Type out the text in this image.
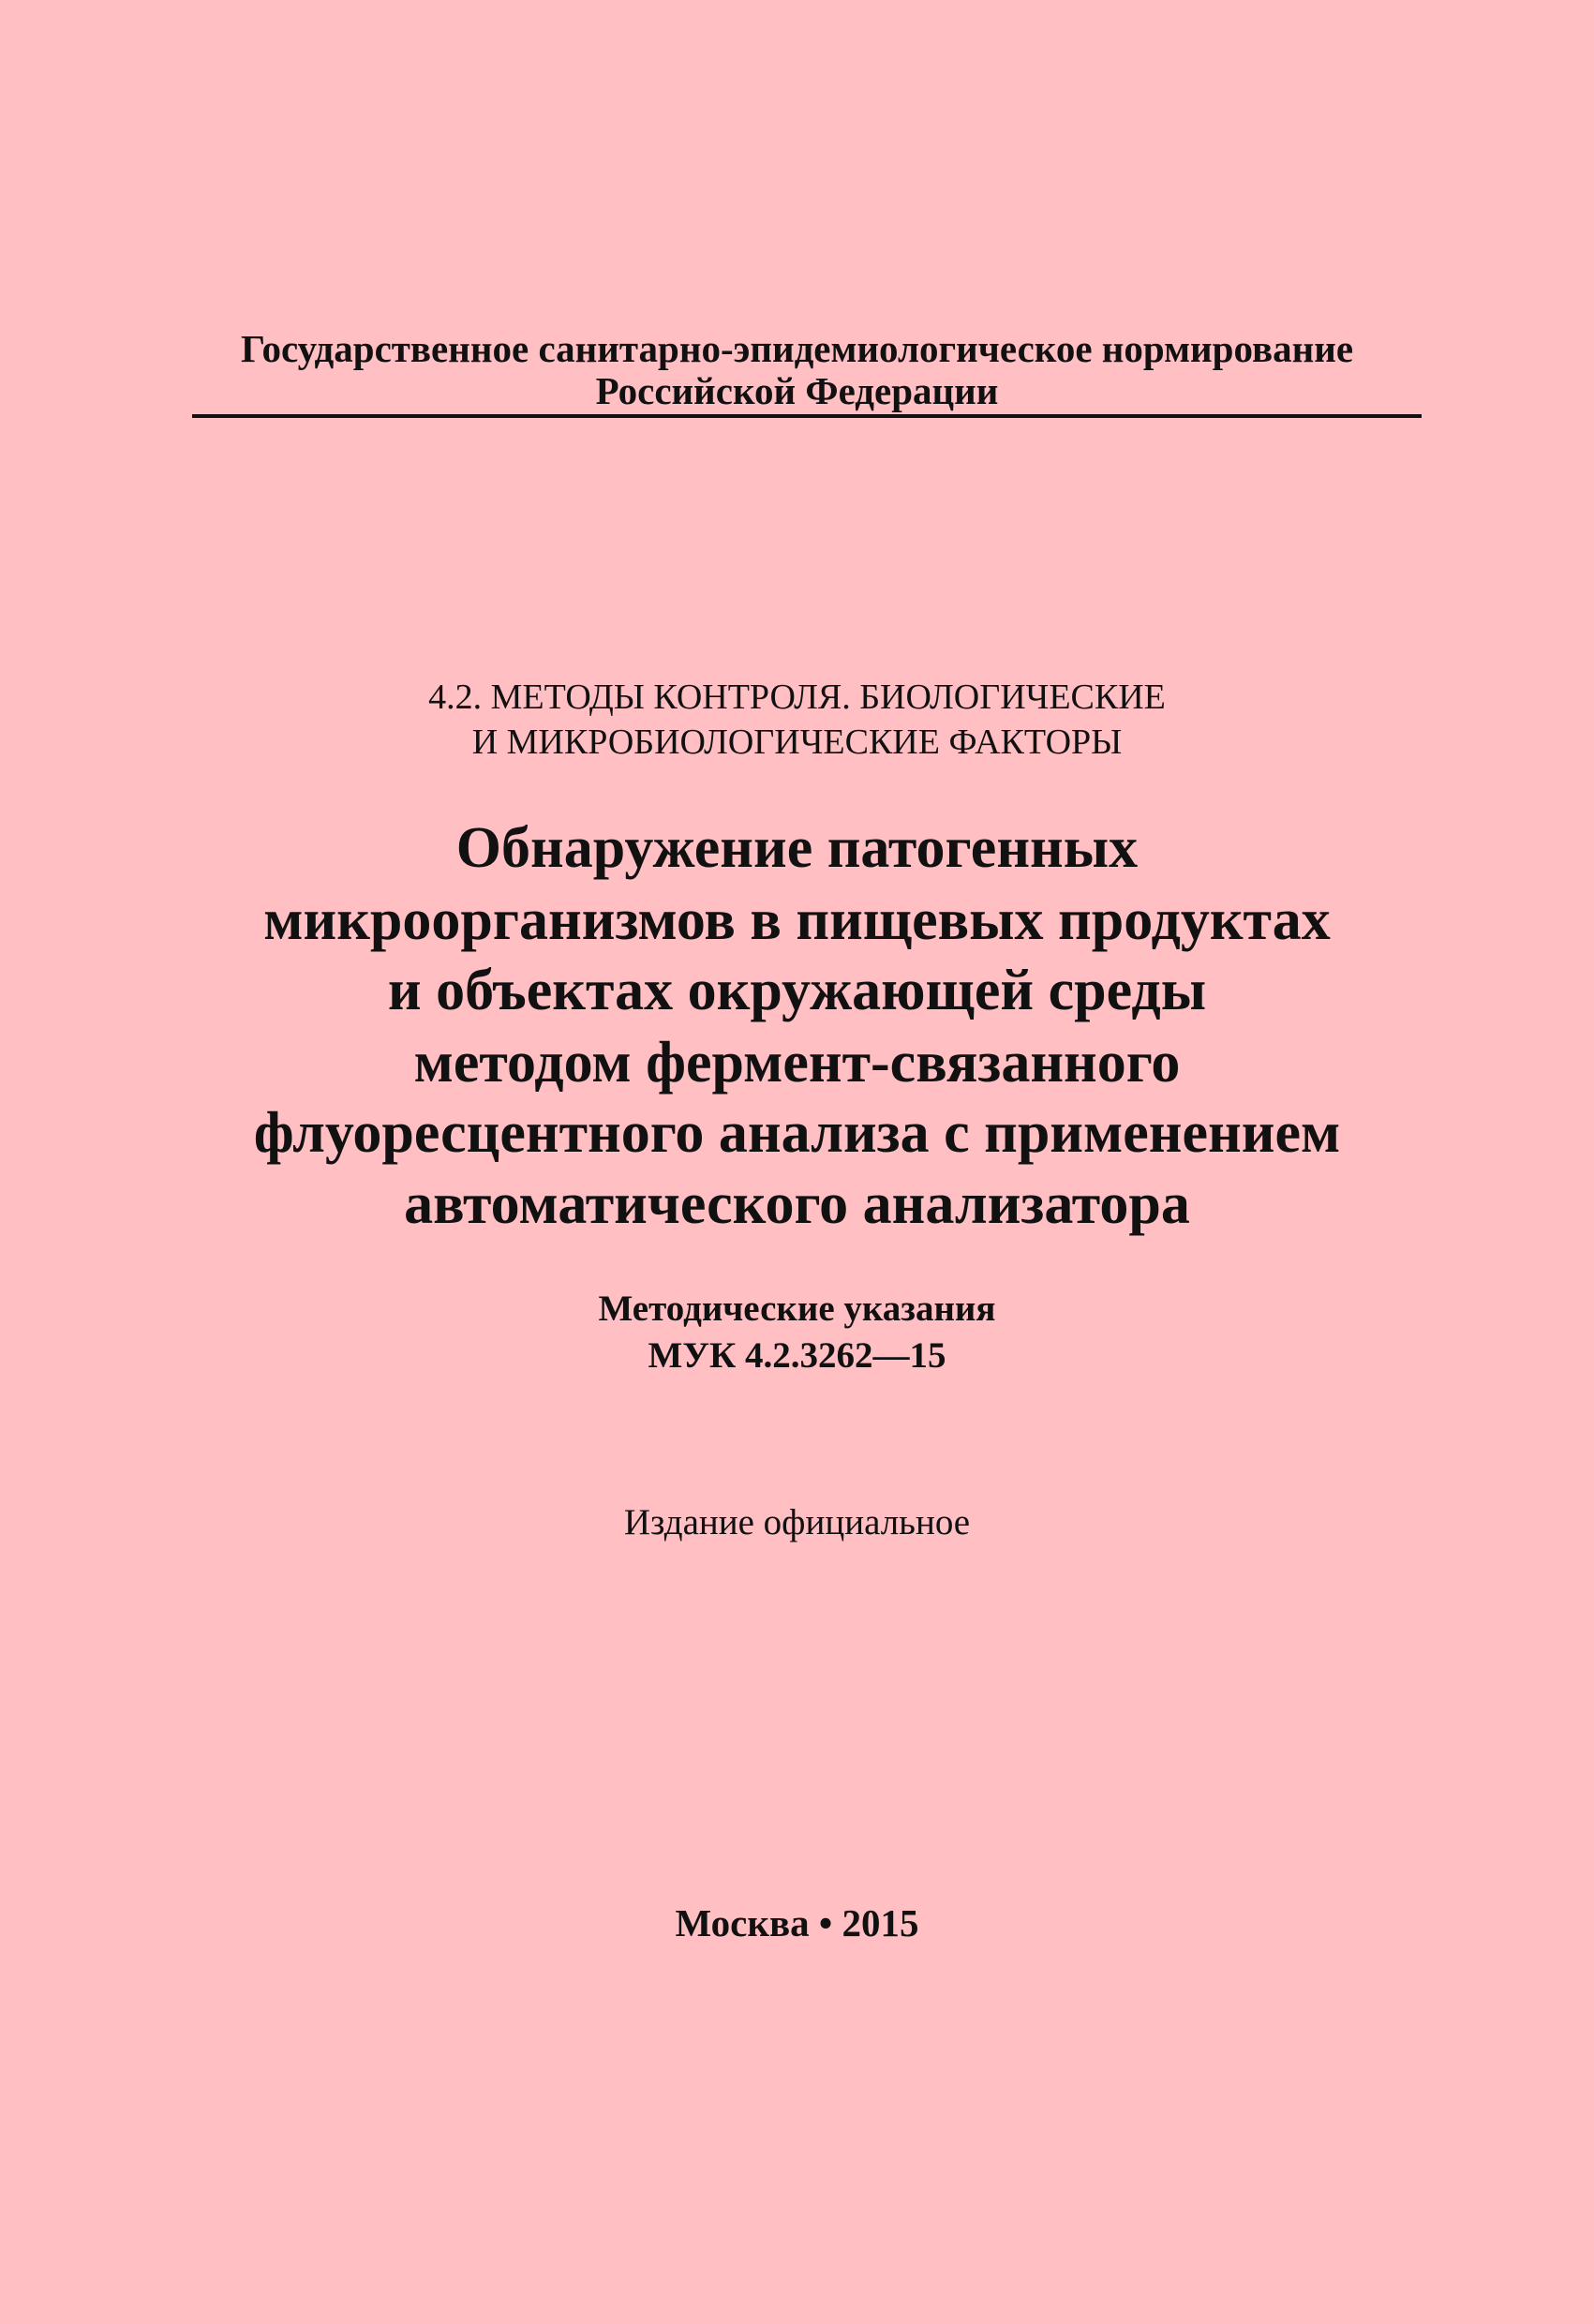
Государственное санитарно-эпидемиологическое нормирование
Российской Федерации
4.2. МЕТОДЫ КОНТРОЛЯ. БИОЛОГИЧЕСКИЕ
И МИКРОБИОЛОГИЧЕСКИЕ ФАКТОРЫ
Обнаружение патогенных
микроорганизмов в пищевых продуктах
и объектах окружающей среды
методом фермент-связанного
флуоресцентного анализа с применением
автоматического анализатора
Методические указания
МУК 4.2.3262—15
Издание официальное
Москва • 2015
